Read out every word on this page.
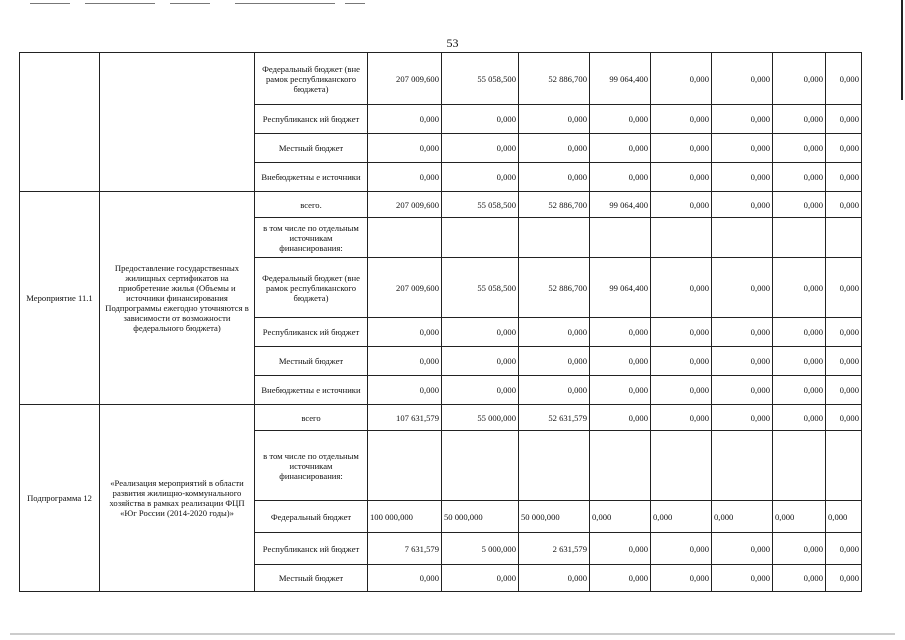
53
		Федеральный бюджет (вне рамок республиканского бюджета)	207 009,600	55 058,500	52 886,700	99 064,400	0,000	0,000	0,000	0,000
		Республиканск ий бюджет	0,000	0,000	0,000	0,000	0,000	0,000	0,000	0,000
		Местный бюджет	0,000	0,000	0,000	0,000	0,000	0,000	0,000	0,000
		Внебюджетны е источники	0,000	0,000	0,000	0,000	0,000	0,000	0,000	0,000
Мероприятие 11.1	Предоставление государственных жилищных сертификатов на приобретение жилья (Объемы и источники финансирования Подпрограммы ежегодно уточняются в зависимости от возможности федерального бюджета)	всего.	207 009,600	55 058,500	52 886,700	99 064,400	0,000	0,000	0,000	0,000
		в том числе по отдельным источникам финансирования:								
		Федеральный бюджет (вне рамок республиканского бюджета)	207 009,600	55 058,500	52 886,700	99 064,400	0,000	0,000	0,000	0,000
		Республиканск ий бюджет	0,000	0,000	0,000	0,000	0,000	0,000	0,000	0,000
		Местный бюджет	0,000	0,000	0,000	0,000	0,000	0,000	0,000	0,000
		Внебюджетны е источники	0,000	0,000	0,000	0,000	0,000	0,000	0,000	0,000
Подпрограмма 12	«Реализация мероприятий в области развития жилищно-коммунального хозяйства в рамках реализации ФЦП «Юг России (2014-2020 годы)»	всего	107 631,579	55 000,000	52 631,579	0,000	0,000	0,000	0,000	0,000
		в том числе по отдельным источникам финансирования:								
		Федеральный бюджет	100 000,000	50 000,000	50 000,000	0,000	0,000	0,000	0,000	0,000
		Республиканск ий бюджет	7 631,579	5 000,000	2 631,579	0,000	0,000	0,000	0,000	0,000
		Местный бюджет	0,000	0,000	0,000	0,000	0,000	0,000	0,000	0,000
